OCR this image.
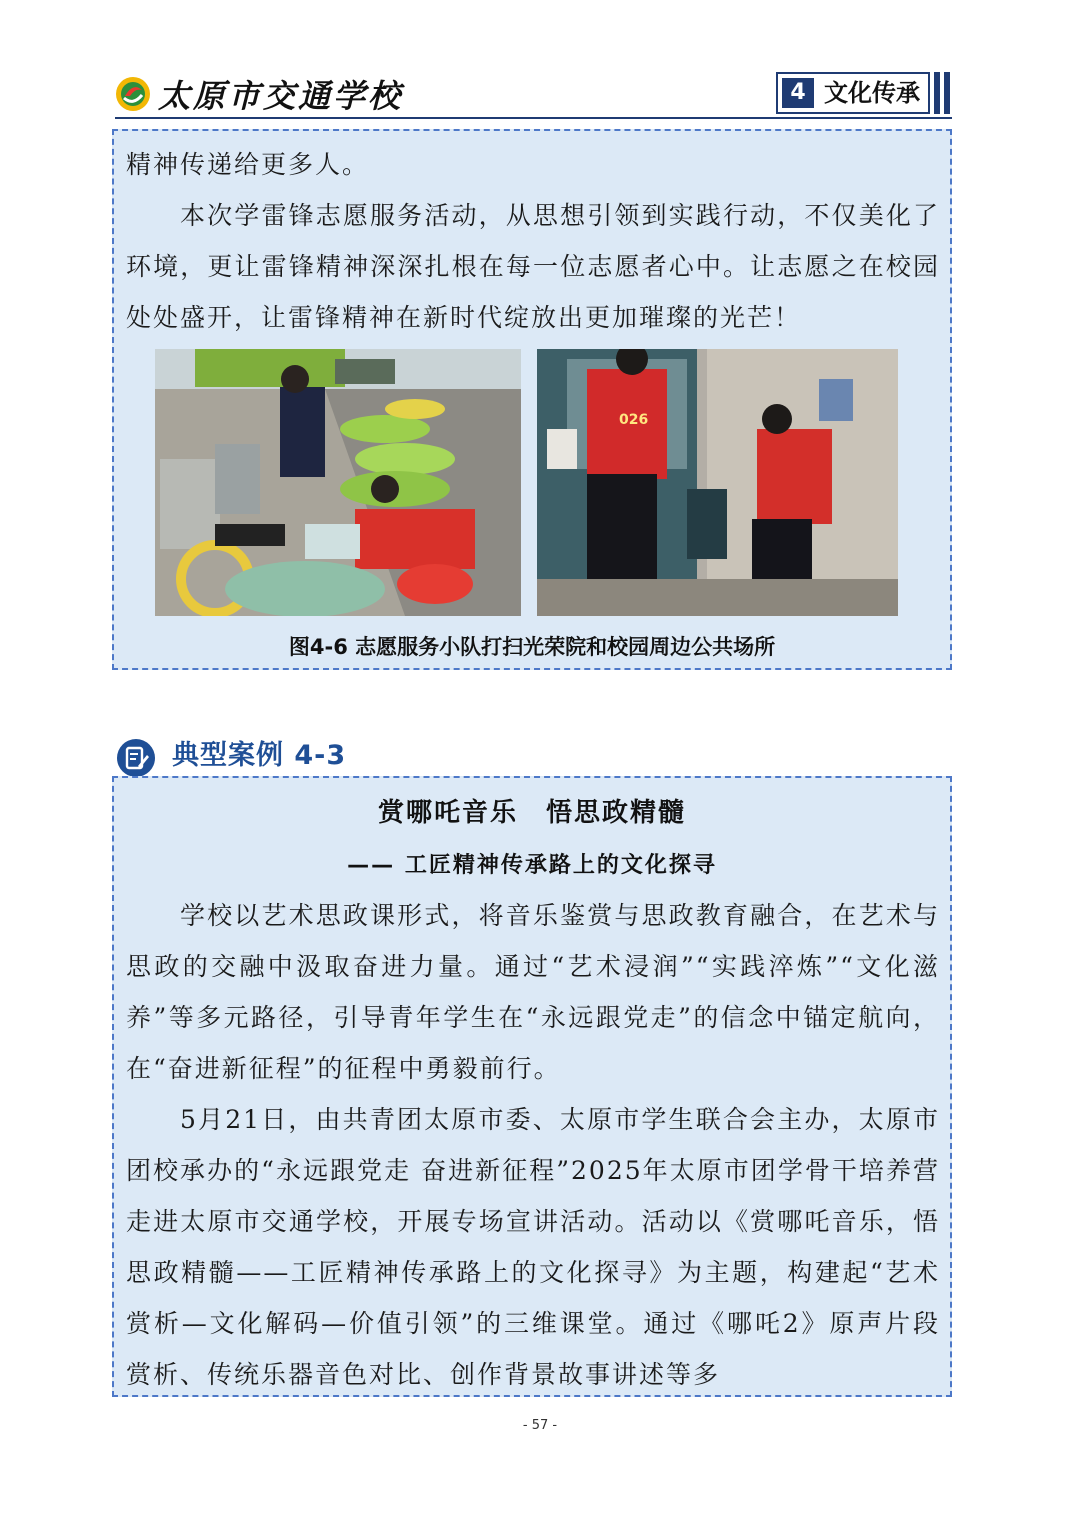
太原市交通学校	4 文化传承

精神传递给更多人。

本次学雷锋志愿服务活动，从思想引领到实践行动，不仅美化了环境，更让雷锋精神深深扎根在每一位志愿者心中。让志愿之在校园处处盛开，让雷锋精神在新时代绽放出更加璀璨的光芒！

026
图4-6 志愿服务小队打扫光荣院和校园周边公共场所
典型案例 4-3
赏哪吒音乐　悟思政精髓
—— 工匠精神传承路上的文化探寻

学校以艺术思政课形式，将音乐鉴赏与思政教育融合，在艺术与思政的交融中汲取奋进力量。通过“艺术浸润”“实践淬炼”“文化滋养”等多元路径，引导青年学生在“永远跟党走”的信念中锚定航向，在“奋进新征程”的征程中勇毅前行。

5月21日，由共青团太原市委、太原市学生联合会主办，太原市团校承办的“永远跟党走 奋进新征程”2025年太原市团学骨干培养营走进太原市交通学校，开展专场宣讲活动。活动以《赏哪吒音乐，悟思政精髓——工匠精神传承路上的文化探寻》为主题，构建起“艺术赏析—文化解码—价值引领”的三维课堂。通过《哪吒2》原声片段赏析、传统乐器音色对比、创作背景故事讲述等多

- 57 -
